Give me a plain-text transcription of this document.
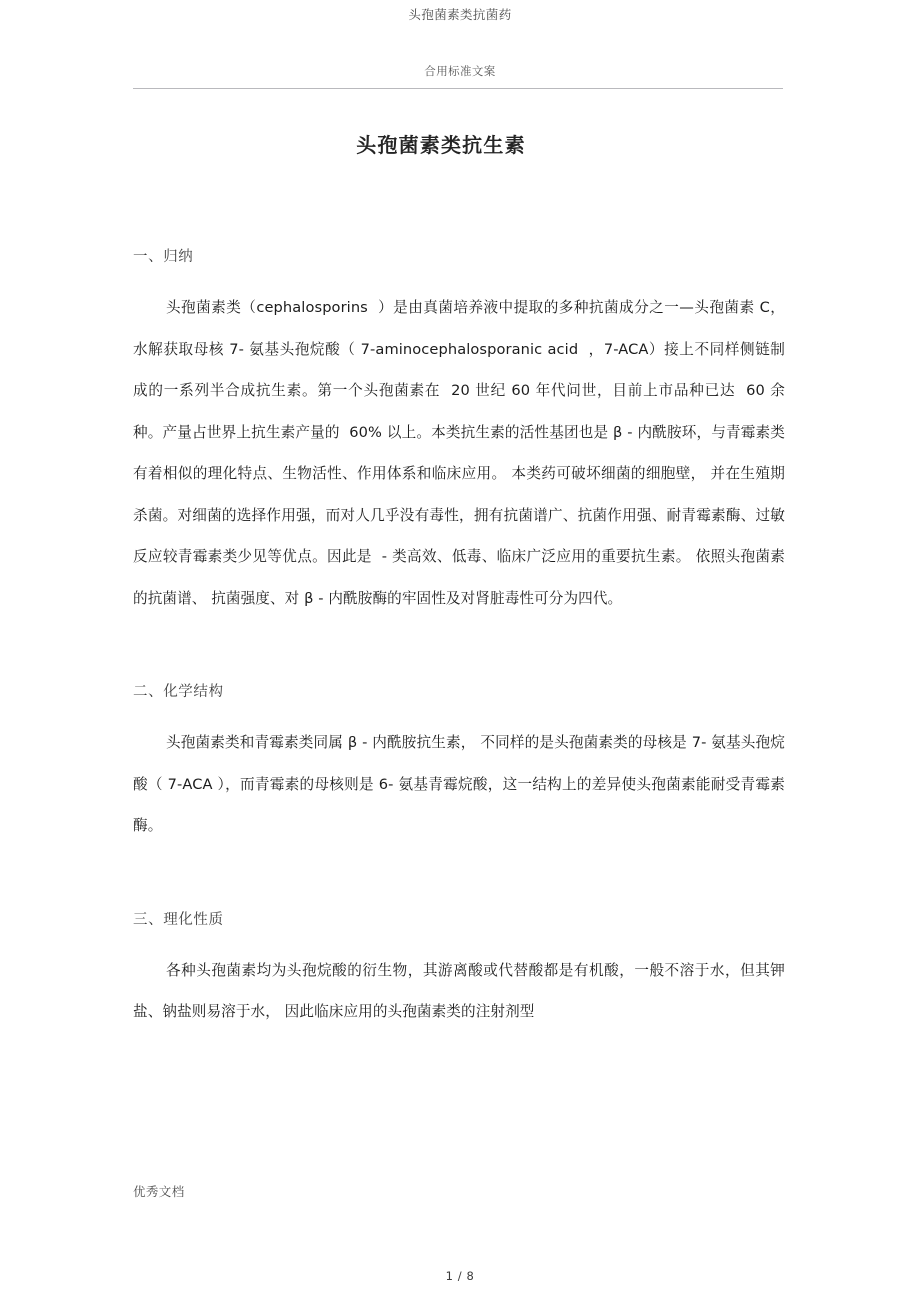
头孢菌素类抗菌药
合用标准文案
头孢菌素类抗生素
一、归纳

头孢菌素类（cephalosporins  ）是由真菌培养液中提取的多种抗菌成分之一—头孢菌素 C，水解获取母核 7- 氨基头孢烷酸（ 7-aminocephalosporanic acid  ，7-ACA）接上不同样侧链制成的一系列半合成抗生素。第一个头孢菌素在  20 世纪 60 年代问世，目前上市品种已达  60 余种。产量占世界上抗生素产量的  60% 以上。本类抗生素的活性基团也是 β - 内酰胺环，与青霉素类有着相似的理化特点、生物活性、作用体系和临床应用。 本类药可破坏细菌的细胞壁， 并在生殖期杀菌。对细菌的选择作用强，而对人几乎没有毒性，拥有抗菌谱广、抗菌作用强、耐青霉素酶、过敏反应较青霉素类少见等优点。因此是  - 类高效、低毒、临床广泛应用的重要抗生素。 依照头孢菌素的抗菌谱、 抗菌强度、对 β - 内酰胺酶的牢固性及对肾脏毒性可分为四代。

二、化学结构

头孢菌素类和青霉素类同属 β - 内酰胺抗生素， 不同样的是头孢菌素类的母核是 7- 氨基头孢烷酸（ 7-ACA ），而青霉素的母核则是 6- 氨基青霉烷酸，这一结构上的差异使头孢菌素能耐受青霉素酶。

三、理化性质

各种头孢菌素均为头孢烷酸的衍生物，其游离酸或代替酸都是有机酸，一般不溶于水，但其钾盐、钠盐则易溶于水， 因此临床应用的头孢菌素类的注射剂型

优秀文档
1 / 8
